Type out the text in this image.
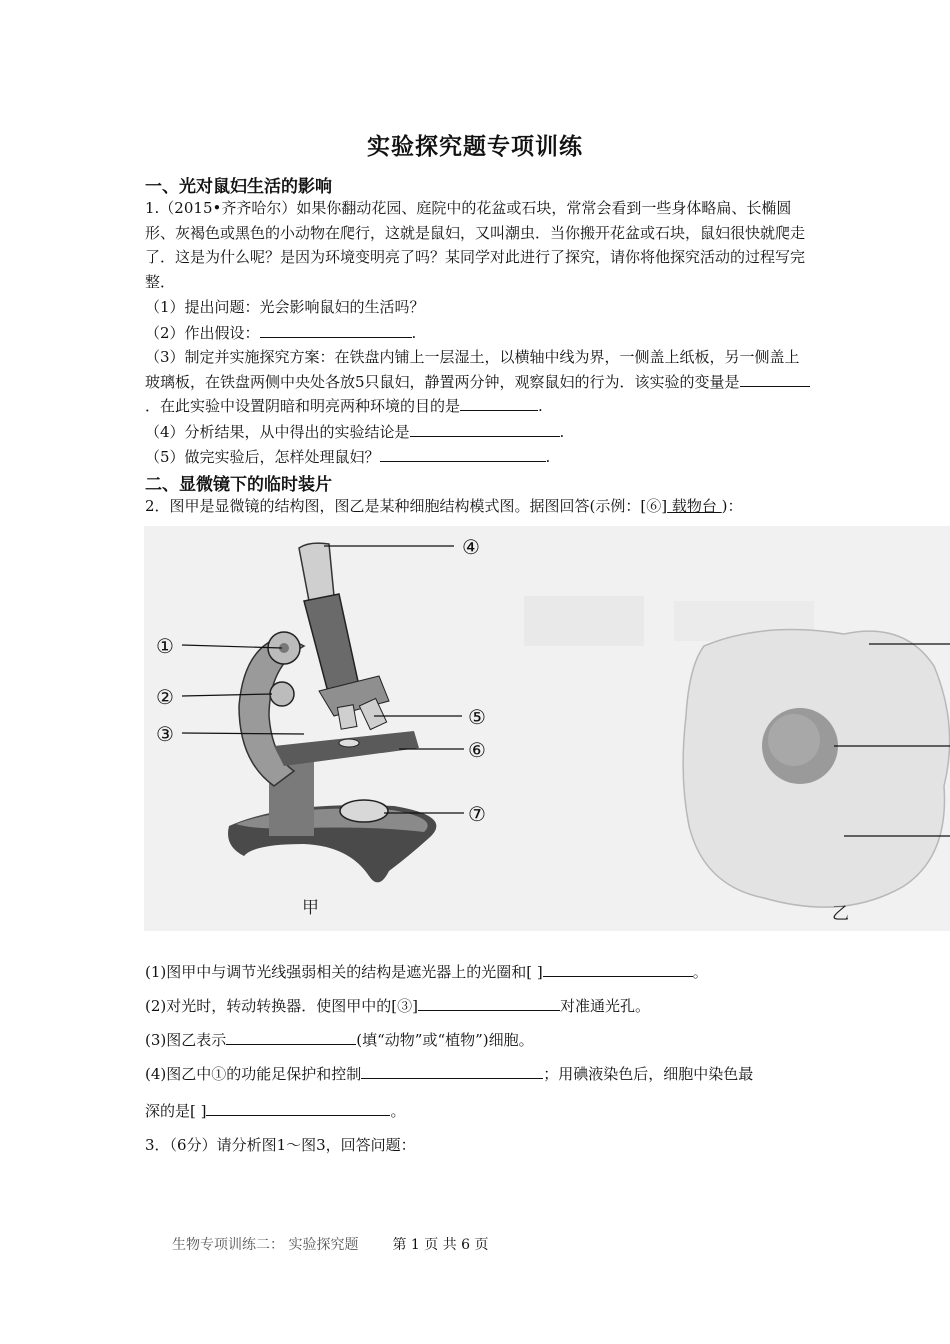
实验探究题专项训练
一、光对鼠妇生活的影响
1.（2015•齐齐哈尔）如果你翻动花园、庭院中的花盆或石块，常常会看到一些身体略扁、长椭圆形、灰褐色或黑色的小动物在爬行，这就是鼠妇，又叫潮虫．当你搬开花盆或石块，鼠妇很快就爬走了．这是为什么呢？是因为环境变明亮了吗？某同学对此进行了探究，请你将他探究活动的过程写完整．
（1）提出问题：光会影响鼠妇的生活吗？
（2）作出假设：	.
（3）制定并实施探究方案：在铁盘内铺上一层湿土，以横轴中线为界，一侧盖上纸板，另一侧盖上玻璃板，在铁盘两侧中央处各放5只鼠妇，静置两分钟，观察鼠妇的行为．该实验的变量是．在此实验中设置阴暗和明亮两种环境的目的是	.
（4）分析结果，从中得出的实验结论是	.
（5）做完实验后，怎样处理鼠妇？	.
二、显微镜下的临时装片
2．图甲是显微镜的结构图，图乙是某种细胞结构模式图。据图回答(示例：[⑥] 载物台 )：
④
①
②
③
⑤
⑥
⑦
甲	乙
(1)图甲中与调节光线强弱相关的结构是遮光器上的光圈和[ ]	。
(2)对光时，转动转换器．使图甲中的[③]	对准通光孔。
(3)图乙表示	(填“动物”或“植物”)细胞。
(4)图乙中①的功能足保护和控制	；用碘液染色后，细胞中染色最
深的是[ ]	。
3．（6分）请分析图1～图3，回答问题：
生物专项训练二： 实验探究题 第 1 页 共 6 页
